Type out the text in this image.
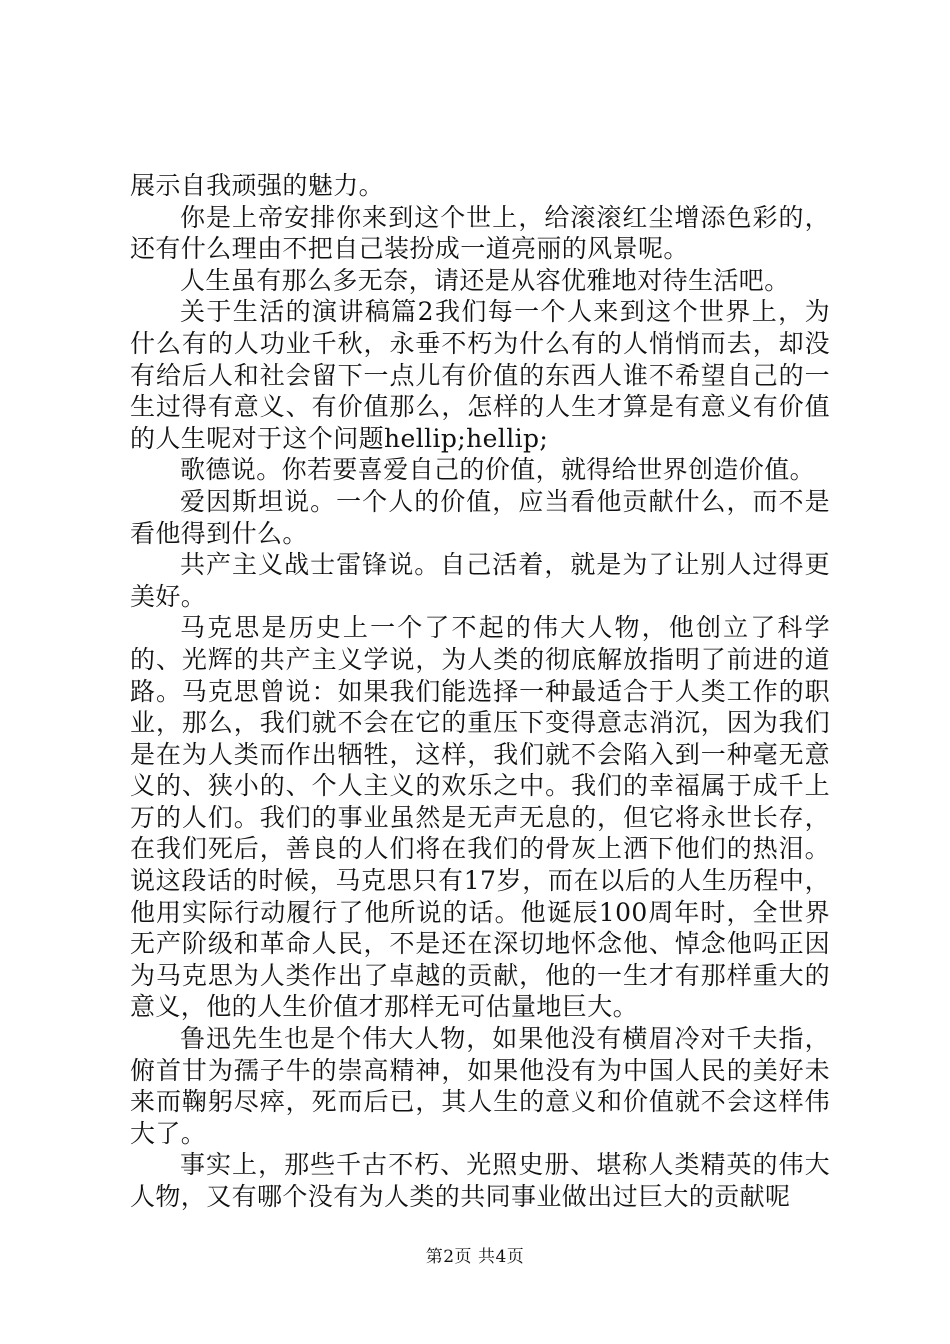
展示自我顽强的魅力。

你是上帝安排你来到这个世上，给滚滚红尘增添色彩的，还有什么理由不把自己装扮成一道亮丽的风景呢。

人生虽有那么多无奈，请还是从容优雅地对待生活吧。

关于生活的演讲稿篇2我们每一个人来到这个世界上，为什么有的人功业千秋，永垂不朽为什么有的人悄悄而去，却没有给后人和社会留下一点儿有价值的东西人谁不希望自己的一生过得有意义、有价值那么，怎样的人生才算是有意义有价值的人生呢对于这个问题hellip;hellip;

歌德说。你若要喜爱自己的价值，就得给世界创造价值。

爱因斯坦说。一个人的价值，应当看他贡献什么，而不是看他得到什么。

共产主义战士雷锋说。自己活着，就是为了让别人过得更美好。

马克思是历史上一个了不起的伟大人物，他创立了科学的、光辉的共产主义学说，为人类的彻底解放指明了前进的道路。马克思曾说：如果我们能选择一种最适合于人类工作的职业，那么，我们就不会在它的重压下变得意志消沉，因为我们是在为人类而作出牺牲，这样，我们就不会陷入到一种毫无意义的、狭小的、个人主义的欢乐之中。我们的幸福属于成千上万的人们。我们的事业虽然是无声无息的，但它将永世长存，在我们死后，善良的人们将在我们的骨灰上洒下他们的热泪。说这段话的时候，马克思只有17岁，而在以后的人生历程中，他用实际行动履行了他所说的话。他诞辰100周年时，全世界无产阶级和革命人民，不是还在深切地怀念他、悼念他吗正因为马克思为人类作出了卓越的贡献，他的一生才有那样重大的意义，他的人生价值才那样无可估量地巨大。

鲁迅先生也是个伟大人物，如果他没有横眉冷对千夫指，俯首甘为孺子牛的崇高精神，如果他没有为中国人民的美好未来而鞠躬尽瘁，死而后已，其人生的意义和价值就不会这样伟大了。

事实上，那些千古不朽、光照史册、堪称人类精英的伟大人物，又有哪个没有为人类的共同事业做出过巨大的贡献呢

第2页 共4页
